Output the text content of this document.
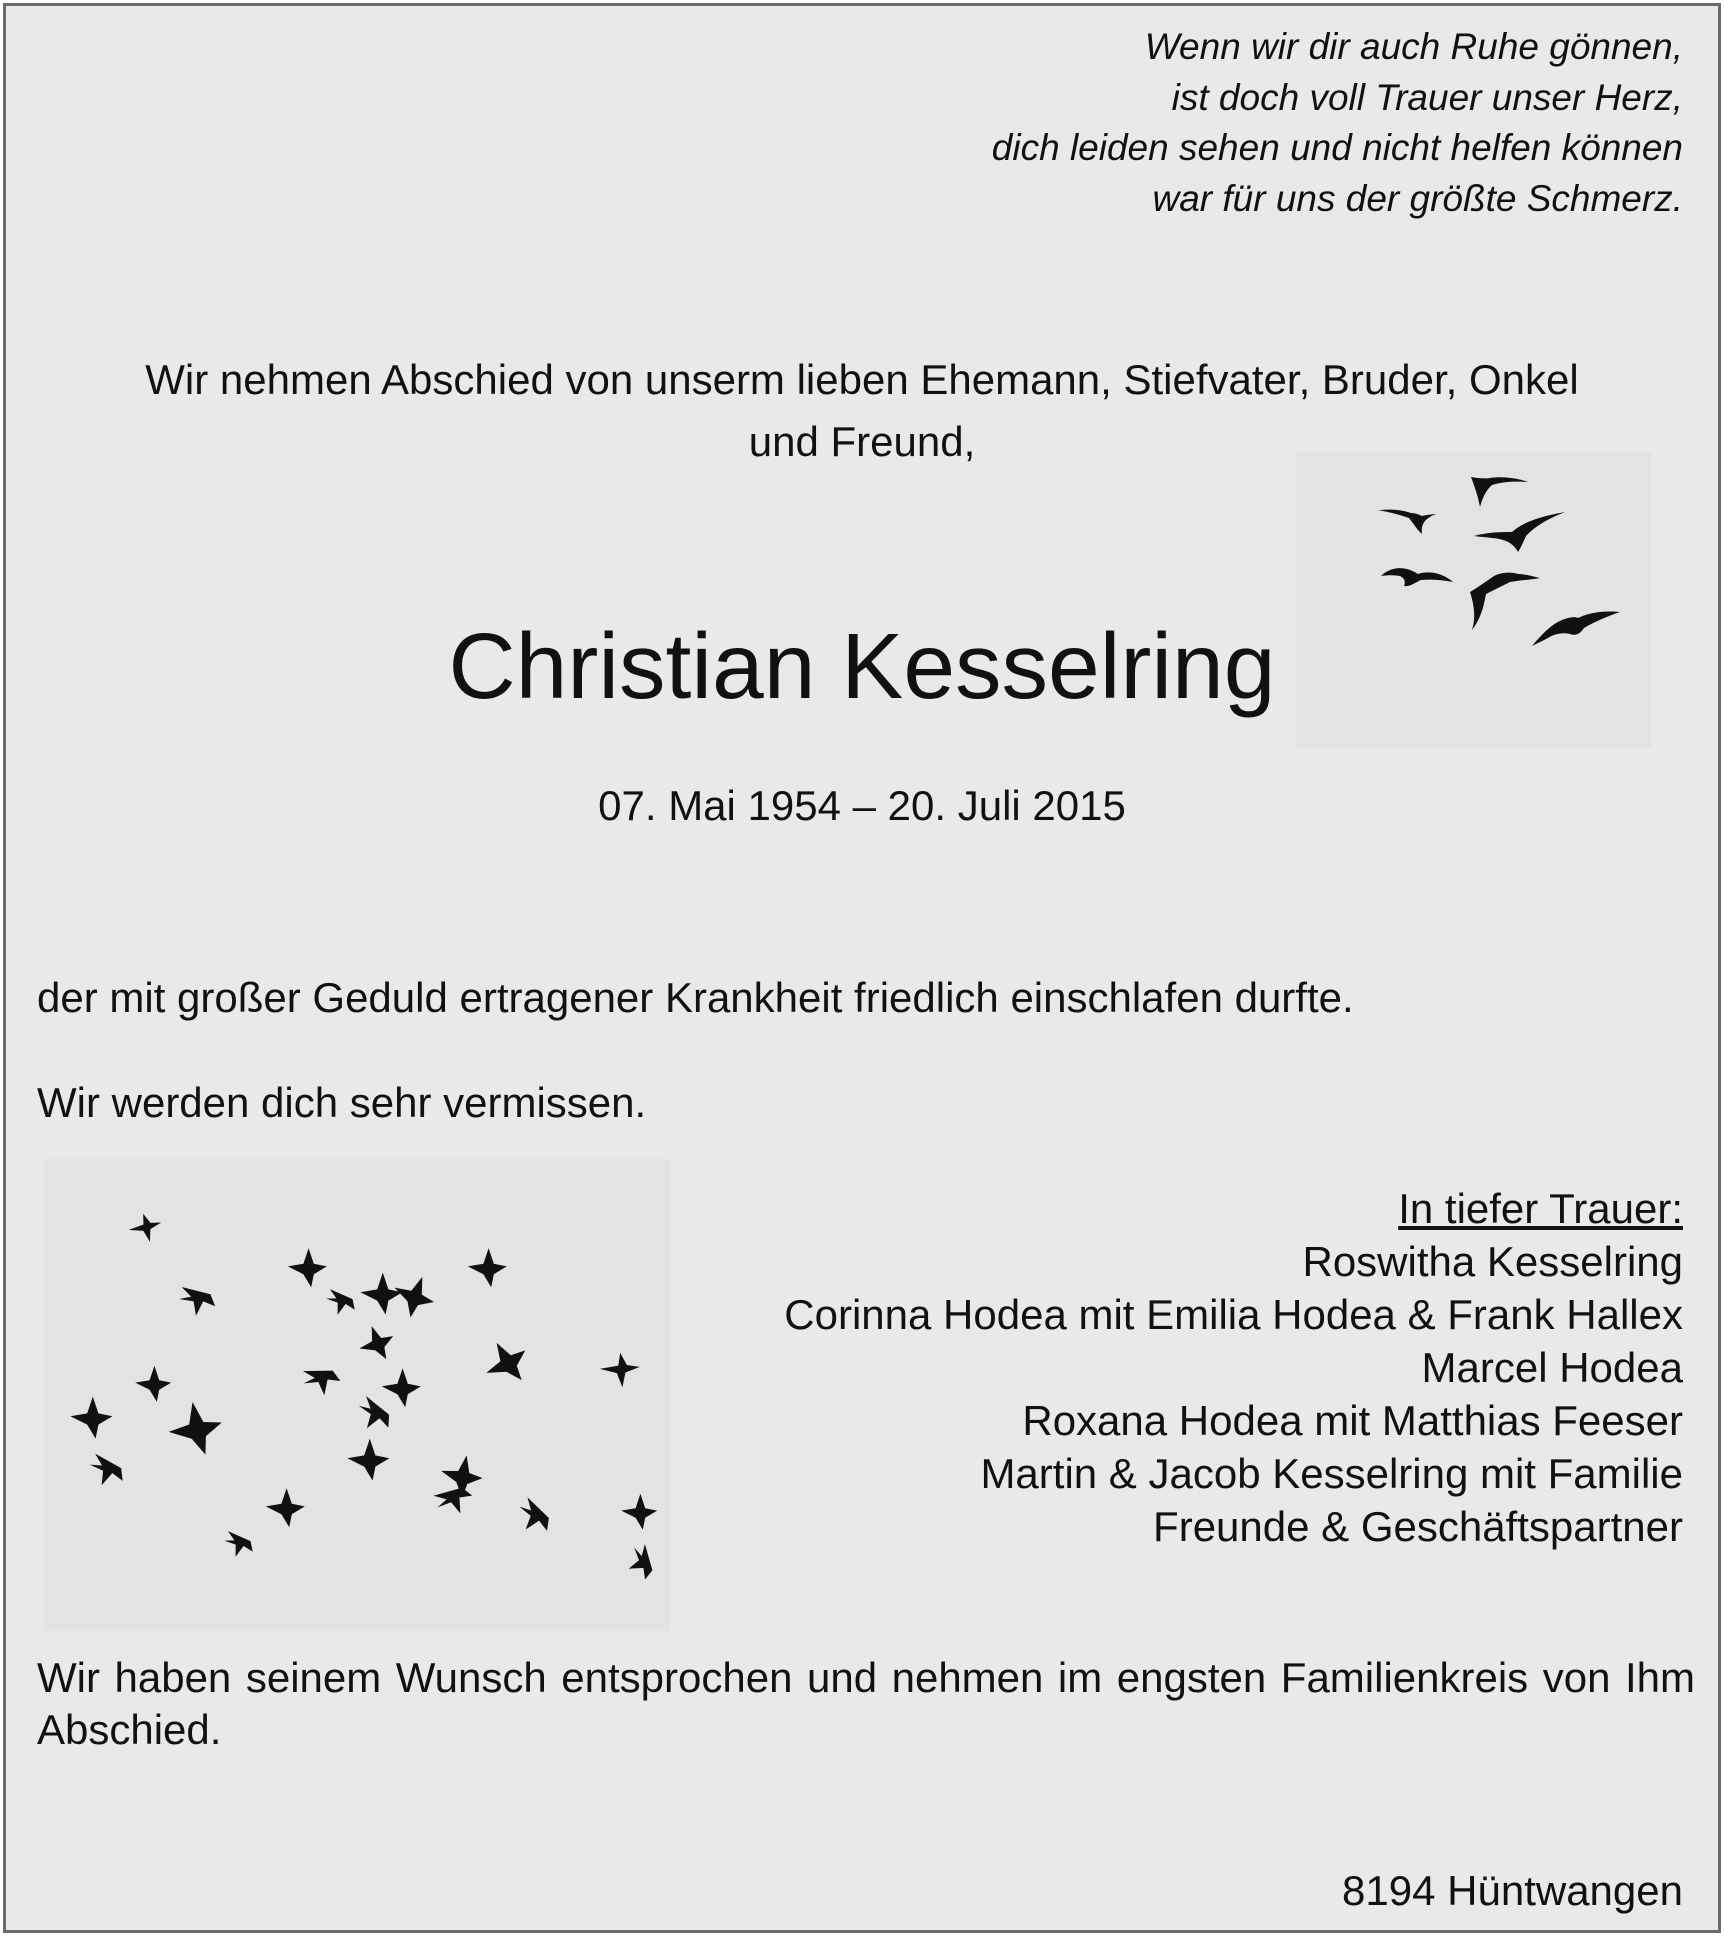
Wenn wir dir auch Ruhe gönnen,
ist doch voll Trauer unser Herz,
dich leiden sehen und nicht helfen können
war für uns der größte Schmerz.
Wir nehmen Abschied von unserm lieben Ehemann, Stiefvater, Bruder, Onkel
und Freund,
Christian Kesselring
07. Mai 1954 – 20. Juli 2015
der mit großer Geduld ertragener Krankheit friedlich einschlafen durfte.
Wir werden dich sehr vermissen.
In tiefer Trauer:
Roswitha Kesselring
Corinna Hodea mit Emilia Hodea & Frank Hallex
Marcel Hodea
Roxana Hodea mit Matthias Feeser
Martin & Jacob Kesselring mit Familie
Freunde & Geschäftspartner
Wir haben seinem Wunsch entsprochen und nehmen im engsten Familienkreis von Ihm Abschied.
8194 Hüntwangen
